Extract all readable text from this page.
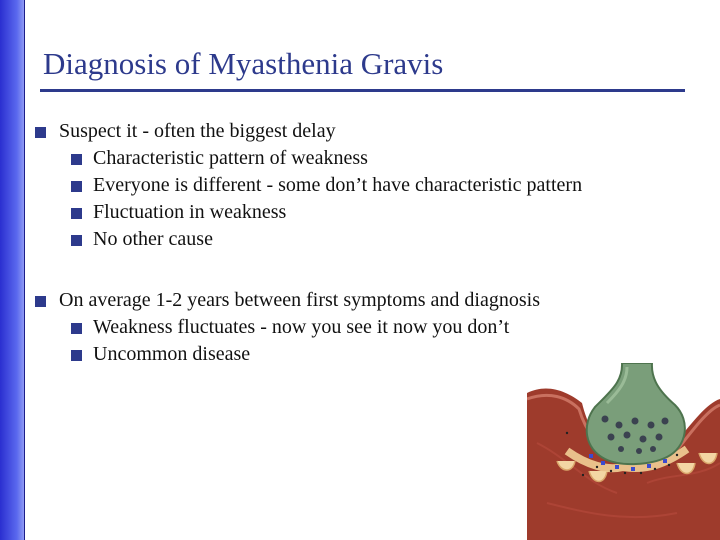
Diagnosis of Myasthenia Gravis
Suspect it - often the biggest delay
Characteristic pattern of weakness
Everyone is different - some don’t have characteristic pattern
Fluctuation in weakness
No other cause
On average 1-2 years between first symptoms and diagnosis
Weakness fluctuates - now you see it now you don’t
Uncommon disease
